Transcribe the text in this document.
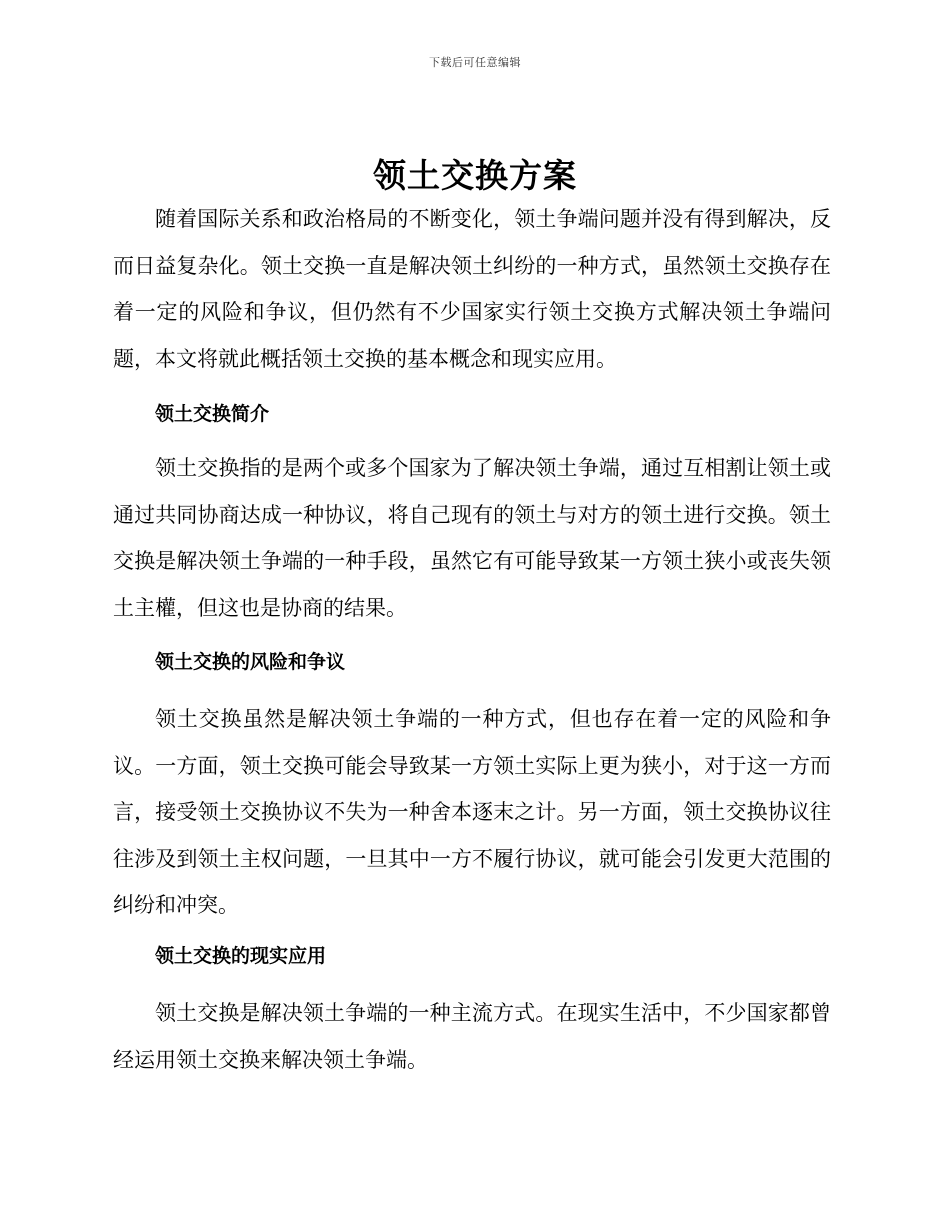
下载后可任意编辑
领土交换方案

随着国际关系和政治格局的不断变化，领土争端问题并没有得到解决，反而日益复杂化。领土交换一直是解决领土纠纷的一种方式，虽然领土交换存在着一定的风险和争议，但仍然有不少国家实行领土交换方式解决领土争端问题，本文将就此概括领土交换的基本概念和现实应用。

领土交换简介

领土交换指的是两个或多个国家为了解决领土争端，通过互相割让领土或通过共同协商达成一种协议，将自己现有的领土与对方的领土进行交换。领土交换是解决领土争端的一种手段，虽然它有可能导致某一方领土狭小或丧失领土主權，但这也是协商的结果。

领土交换的风险和争议

领土交换虽然是解决领土争端的一种方式，但也存在着一定的风险和争议。一方面，领土交换可能会导致某一方领土实际上更为狭小，对于这一方而言，接受领土交换协议不失为一种舍本逐末之计。另一方面，领土交换协议往往涉及到领土主权问题，一旦其中一方不履行协议，就可能会引发更大范围的纠纷和冲突。

领土交换的现实应用

领土交换是解决领土争端的一种主流方式。在现实生活中，不少国家都曾经运用领土交换来解决领土争端。
